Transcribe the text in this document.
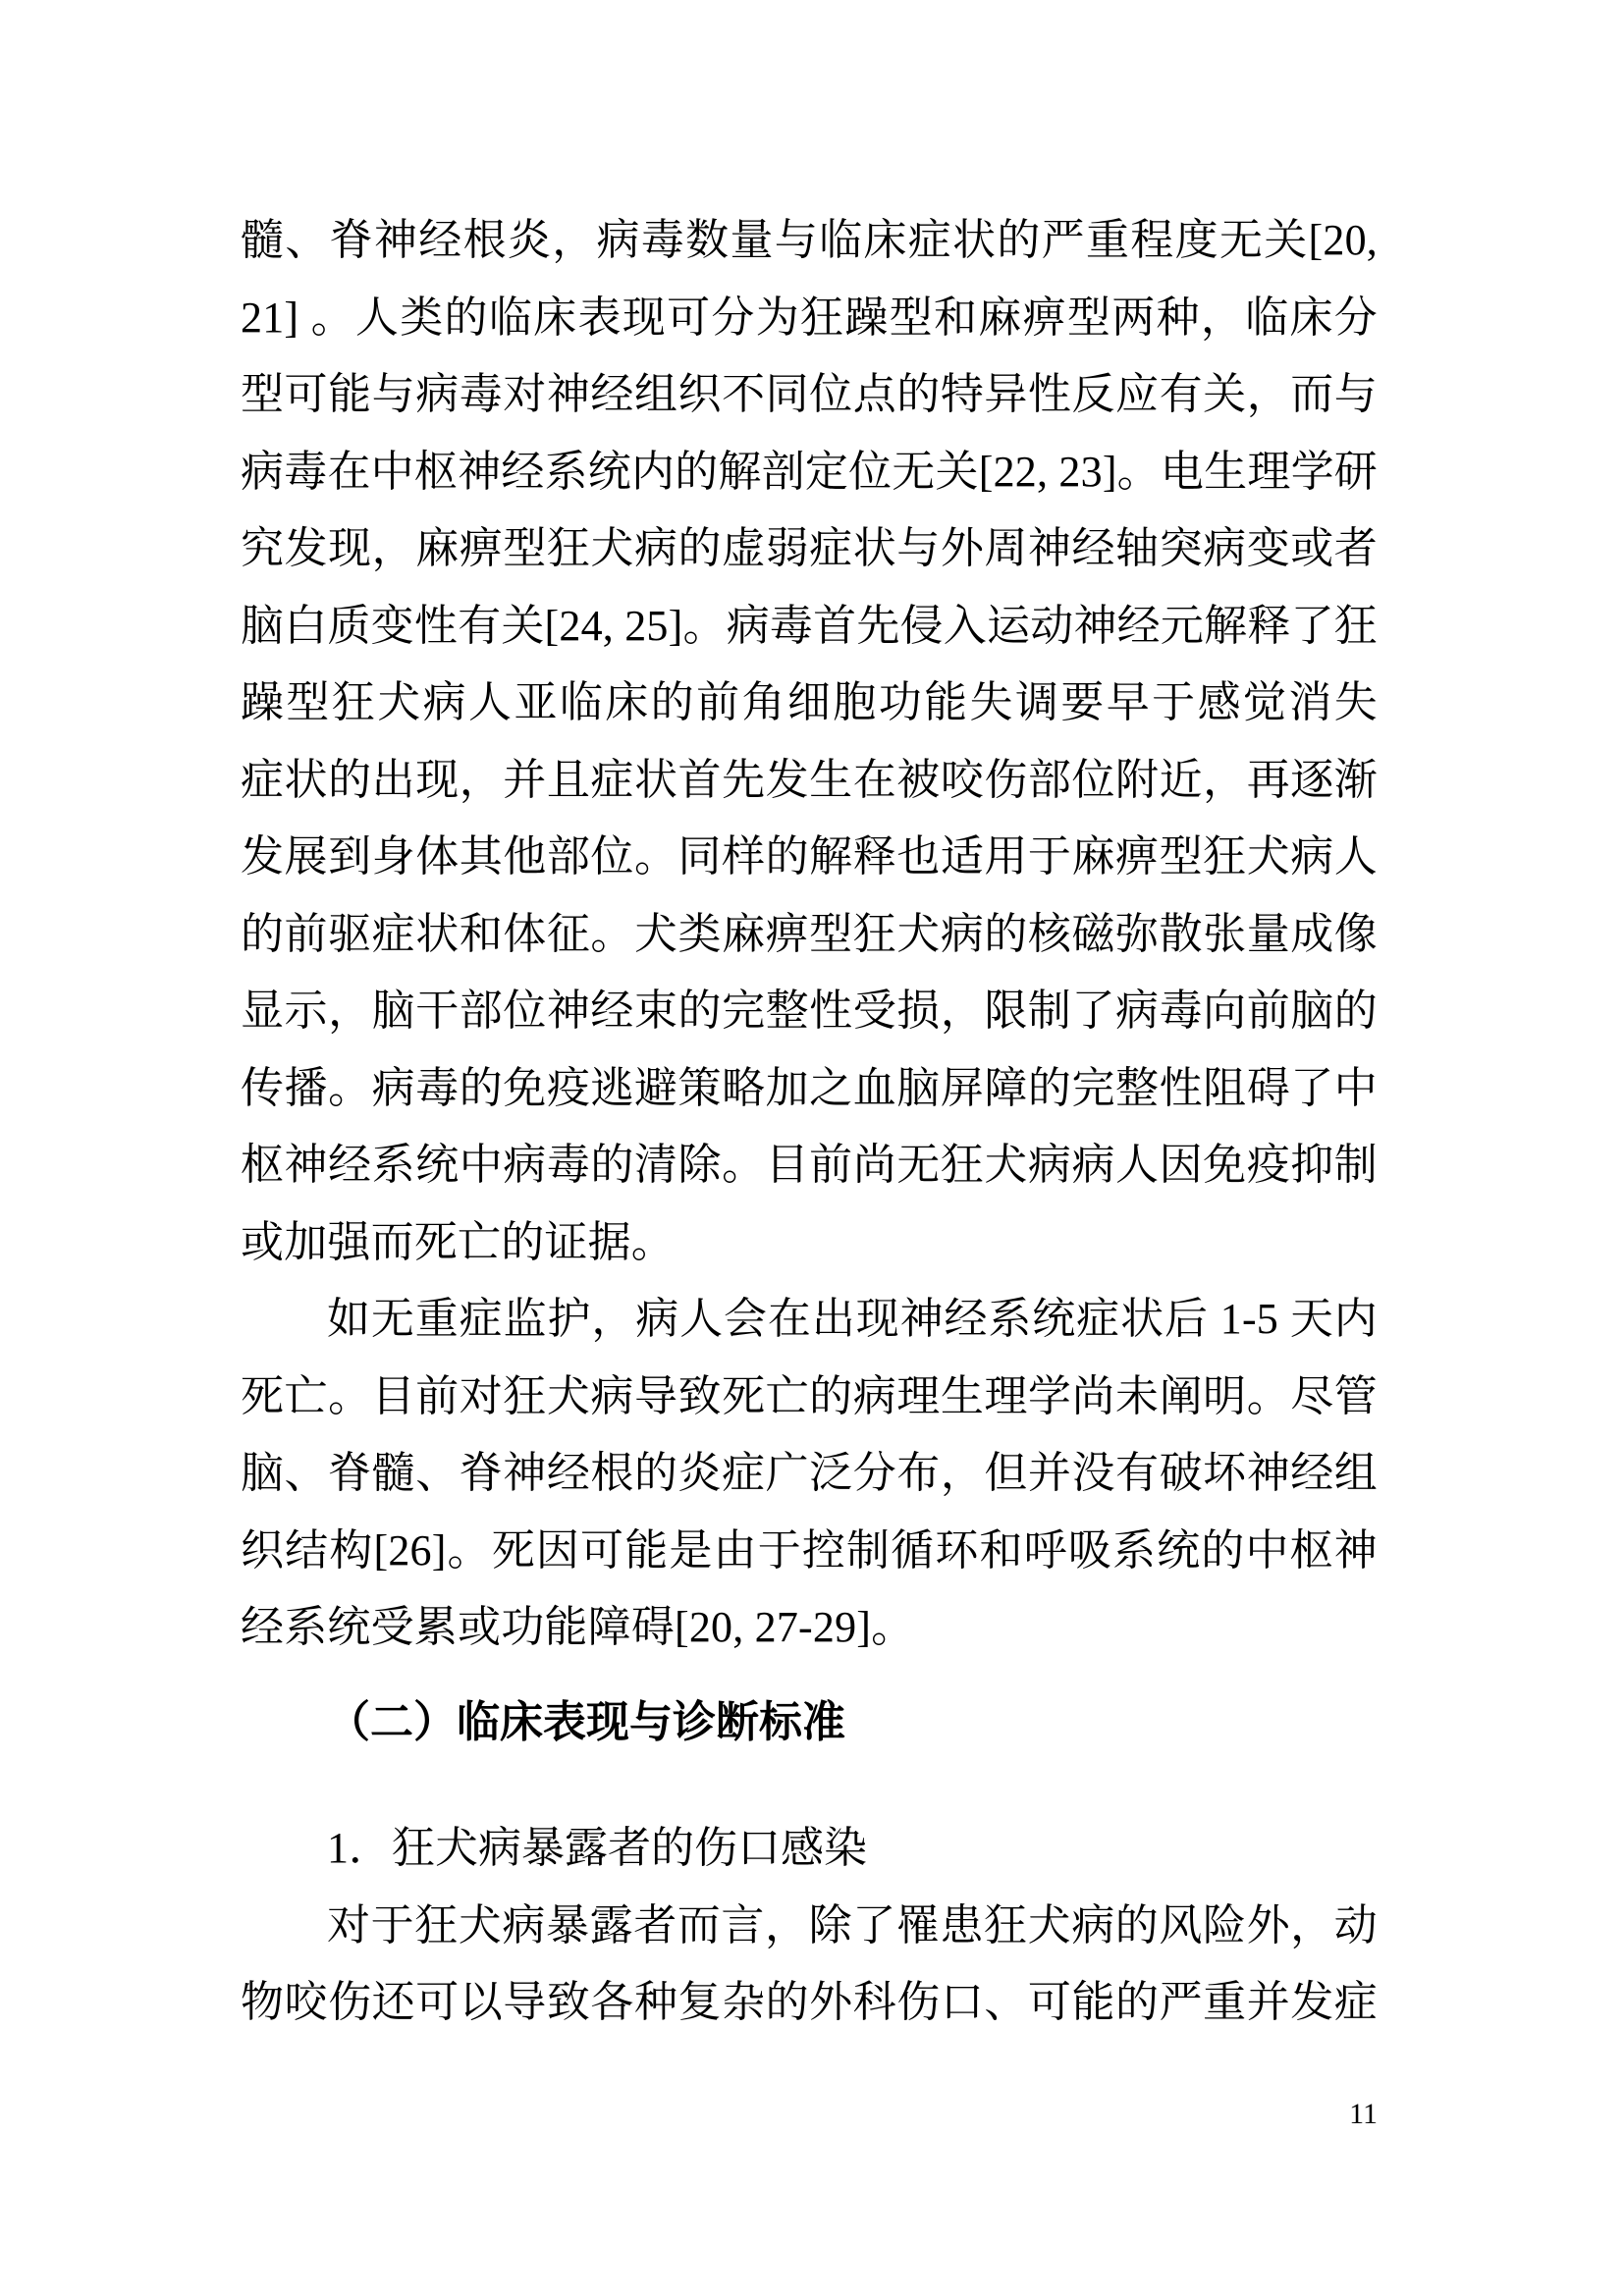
髓、脊神经根炎，病毒数量与临床症状的严重程度无关[20,
21] 。人类的临床表现可分为狂躁型和麻痹型两种，临床分
型可能与病毒对神经组织不同位点的特异性反应有关，而与
病毒在中枢神经系统内的解剖定位无关[22, 23]。电生理学研
究发现，麻痹型狂犬病的虚弱症状与外周神经轴突病变或者
脑白质变性有关[24, 25]。病毒首先侵入运动神经元解释了狂
躁型狂犬病人亚临床的前角细胞功能失调要早于感觉消失
症状的出现，并且症状首先发生在被咬伤部位附近，再逐渐
发展到身体其他部位。同样的解释也适用于麻痹型狂犬病人
的前驱症状和体征。犬类麻痹型狂犬病的核磁弥散张量成像
显示，脑干部位神经束的完整性受损，限制了病毒向前脑的
传播。病毒的免疫逃避策略加之血脑屏障的完整性阻碍了中
枢神经系统中病毒的清除。目前尚无狂犬病病人因免疫抑制
或加强而死亡的证据。
如无重症监护，病人会在出现神经系统症状后 1-5 天内
死亡。目前对狂犬病导致死亡的病理生理学尚未阐明。尽管
脑、脊髓、脊神经根的炎症广泛分布，但并没有破坏神经组
织结构[26]。死因可能是由于控制循环和呼吸系统的中枢神
经系统受累或功能障碍[20, 27-29]。
（二）临床表现与诊断标准
1．狂犬病暴露者的伤口感染
对于狂犬病暴露者而言，除了罹患狂犬病的风险外，动
物咬伤还可以导致各种复杂的外科伤口、可能的严重并发症
11
